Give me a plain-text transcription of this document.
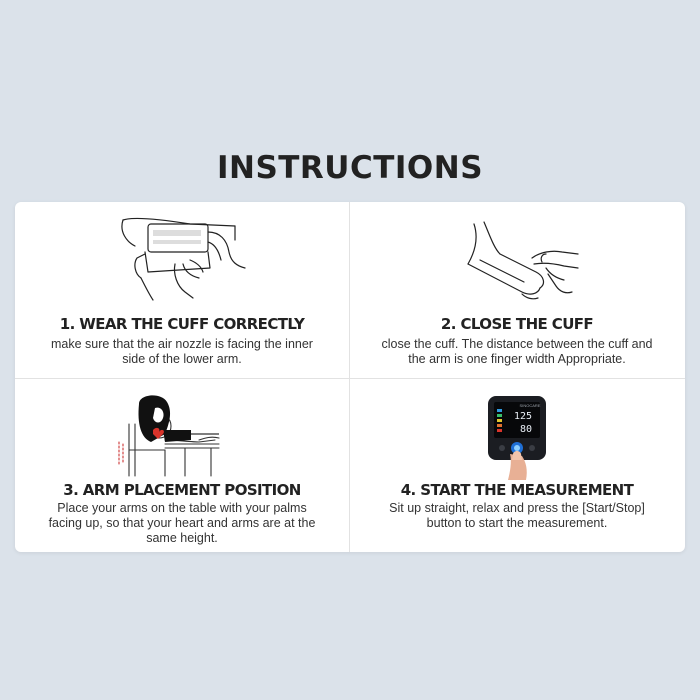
INSTRUCTIONS
1. WEAR THE CUFF CORRECTLY

make sure that the air nozzle is facing the inner side of the lower arm.

2. CLOSE THE CUFF

close the cuff. The distance between the cuff and the arm is one finger width Appropriate.

3. ARM PLACEMENT POSITION

Place your arms on the table with your palms facing up, so that your heart and arms are at the same height.

SINOCARE
125
80
4. START THE MEASUREMENT

Sit up straight, relax and press the [Start/Stop] button to start the measurement.
